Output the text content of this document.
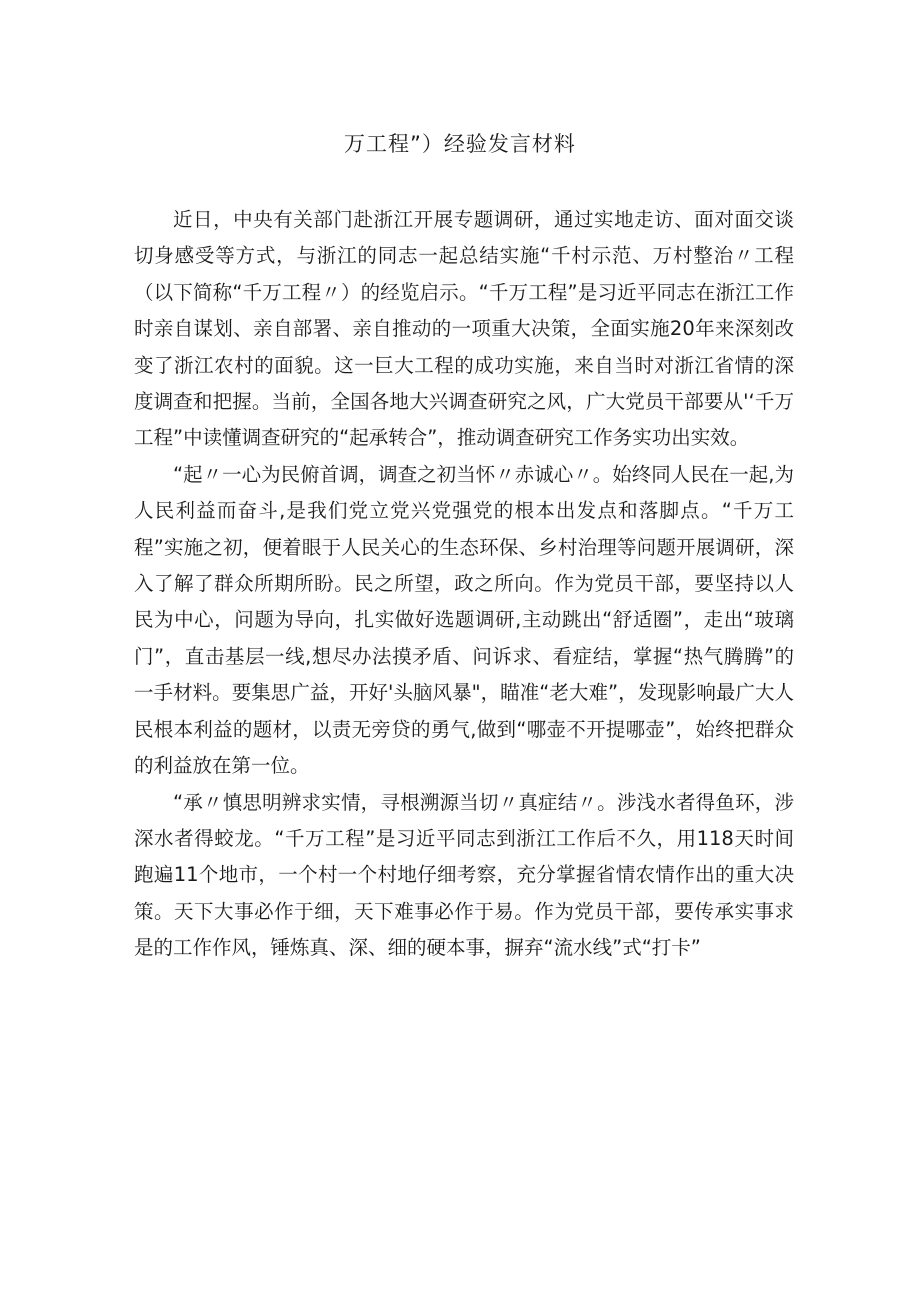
万工程”）经验发言材料

近日，中央有关部门赴浙江开展专题调研，通过实地走访、面对面交谈切身感受等方式，与浙江的同志一起总结实施“千村示范、万村整治〃工程（以下简称“千万工程〃）的经览启示。“千万工程”是习近平同志在浙江工作时亲自谋划、亲自部署、亲自推动的一项重大决策，全面实施20年来深刻改变了浙江农村的面貌。这一巨大工程的成功实施，来自当时对浙江省情的深度调查和把握。当前，全国各地大兴调查研究之风，广大党员干部要从'‘千万工程”中读懂调查研究的“起承转合”，推动调查研究工作务实功出实效。

“起〃一心为民俯首调，调查之初当怀〃赤诚心〃。始终同人民在一起,为人民利益而奋斗,是我们党立党兴党强党的根本出发点和落脚点。“千万工程”实施之初，便着眼于人民关心的生态环保、乡村治理等问题开展调研，深入了解了群众所期所盼。民之所望，政之所向。作为党员干部，要坚持以人民为中心，问题为导向，扎实做好选题调研,主动跳出“舒适圈”，走出“玻璃门”，直击基层一线,想尽办法摸矛盾、问诉求、看症结，掌握“热气腾腾”的一手材料。要集思广益，开好'头脑风暴"，瞄准“老大难”，发现影响最广大人民根本利益的题材，以责无旁贷的勇气,做到“哪壶不开提哪壶”，始终把群众的利益放在第一位。

“承〃慎思明辨求实情，寻根溯源当切〃真症结〃。涉浅水者得鱼环，涉深水者得蛟龙。“千万工程”是习近平同志到浙江工作后不久，用118天时间跑遍11个地市，一个村一个村地仔细考察，充分掌握省情农情作出的重大决策。天下大事必作于细，天下难事必作于易。作为党员干部，要传承实事求是的工作作风，锤炼真、深、细的硬本事，摒弃“流水线”式“打卡”
